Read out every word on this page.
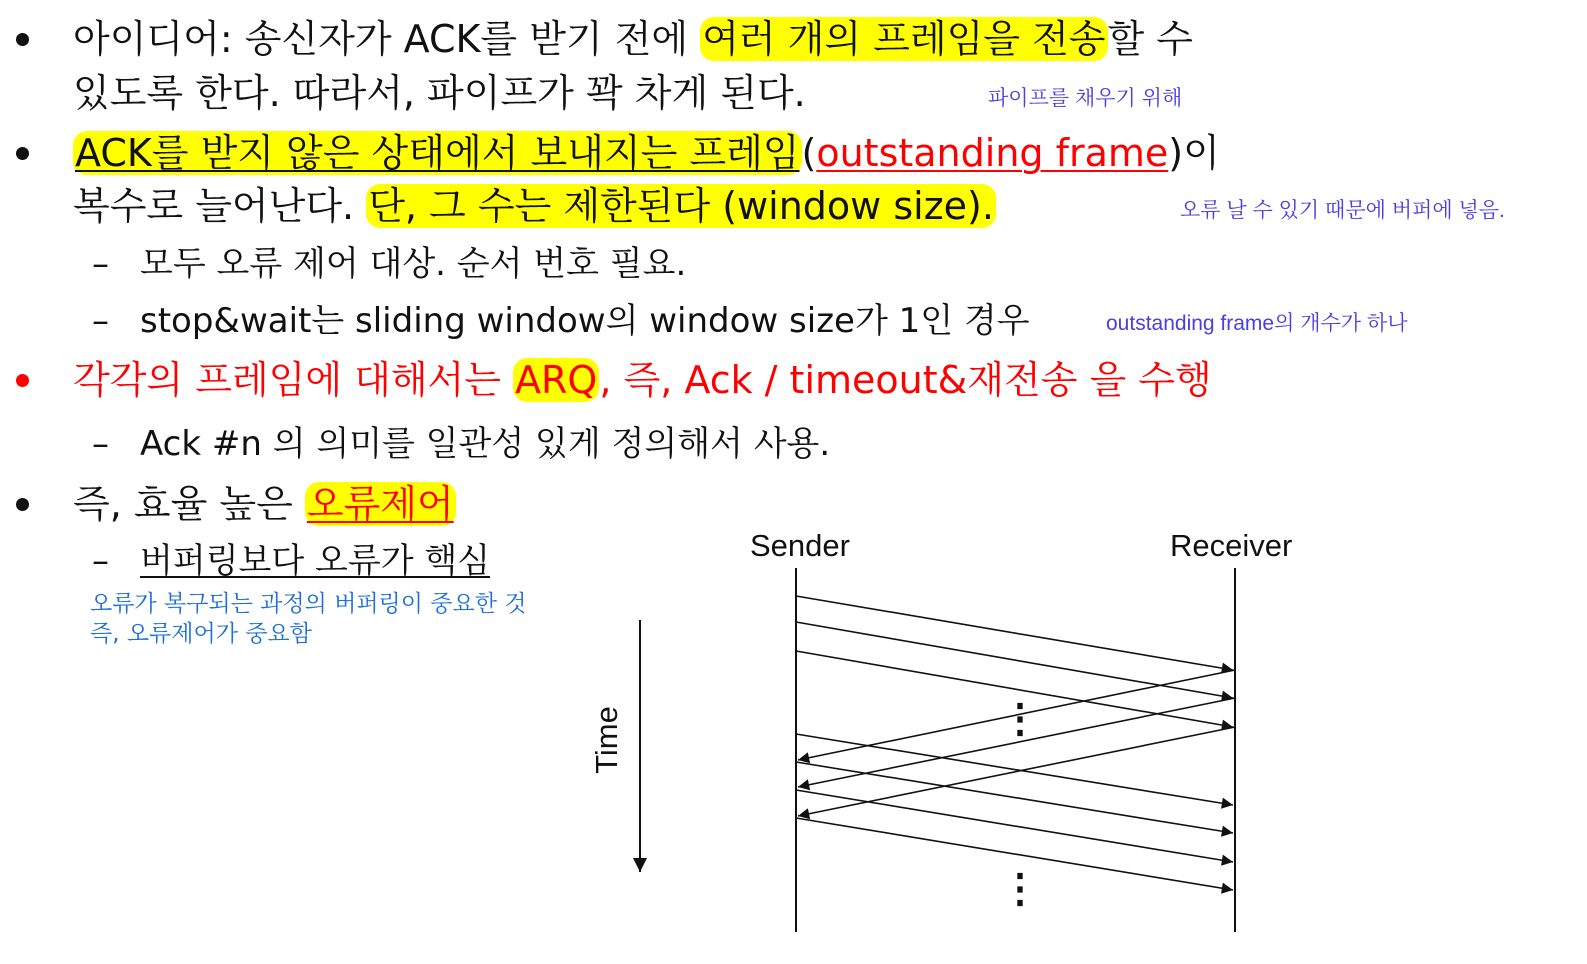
아이디어: 송신자가 ACK를 받기 전에 여러 개의 프레임을 전송할 수
있도록 한다. 따라서, 파이프가 꽉 차게 된다.	파이프를 채우기 위해
ACK를 받지 않은 상태에서 보내지는 프레임(outstanding frame)이
복수로 늘어난다. 단, 그 수는 제한된다 (window size).	오류 날 수 있기 때문에 버퍼에 넣음.
– 모두 오류 제어 대상. 순서 번호 필요.
– stop&wait는 sliding window의 window size가 1인 경우	outstanding frame의 개수가 하나
각각의 프레임에 대해서는 ARQ, 즉, Ack / timeout&재전송 을 수행
– Ack #n 의 의미를 일관성 있게 정의해서 사용.
즉, 효율 높은 오류제어
– 버퍼링보다 오류가 핵심
오류가 복구되는 과정의 버퍼링이 중요한 것
즉, 오류제어가 중요함
Sender	Receiver
Time	⋮
⋮
